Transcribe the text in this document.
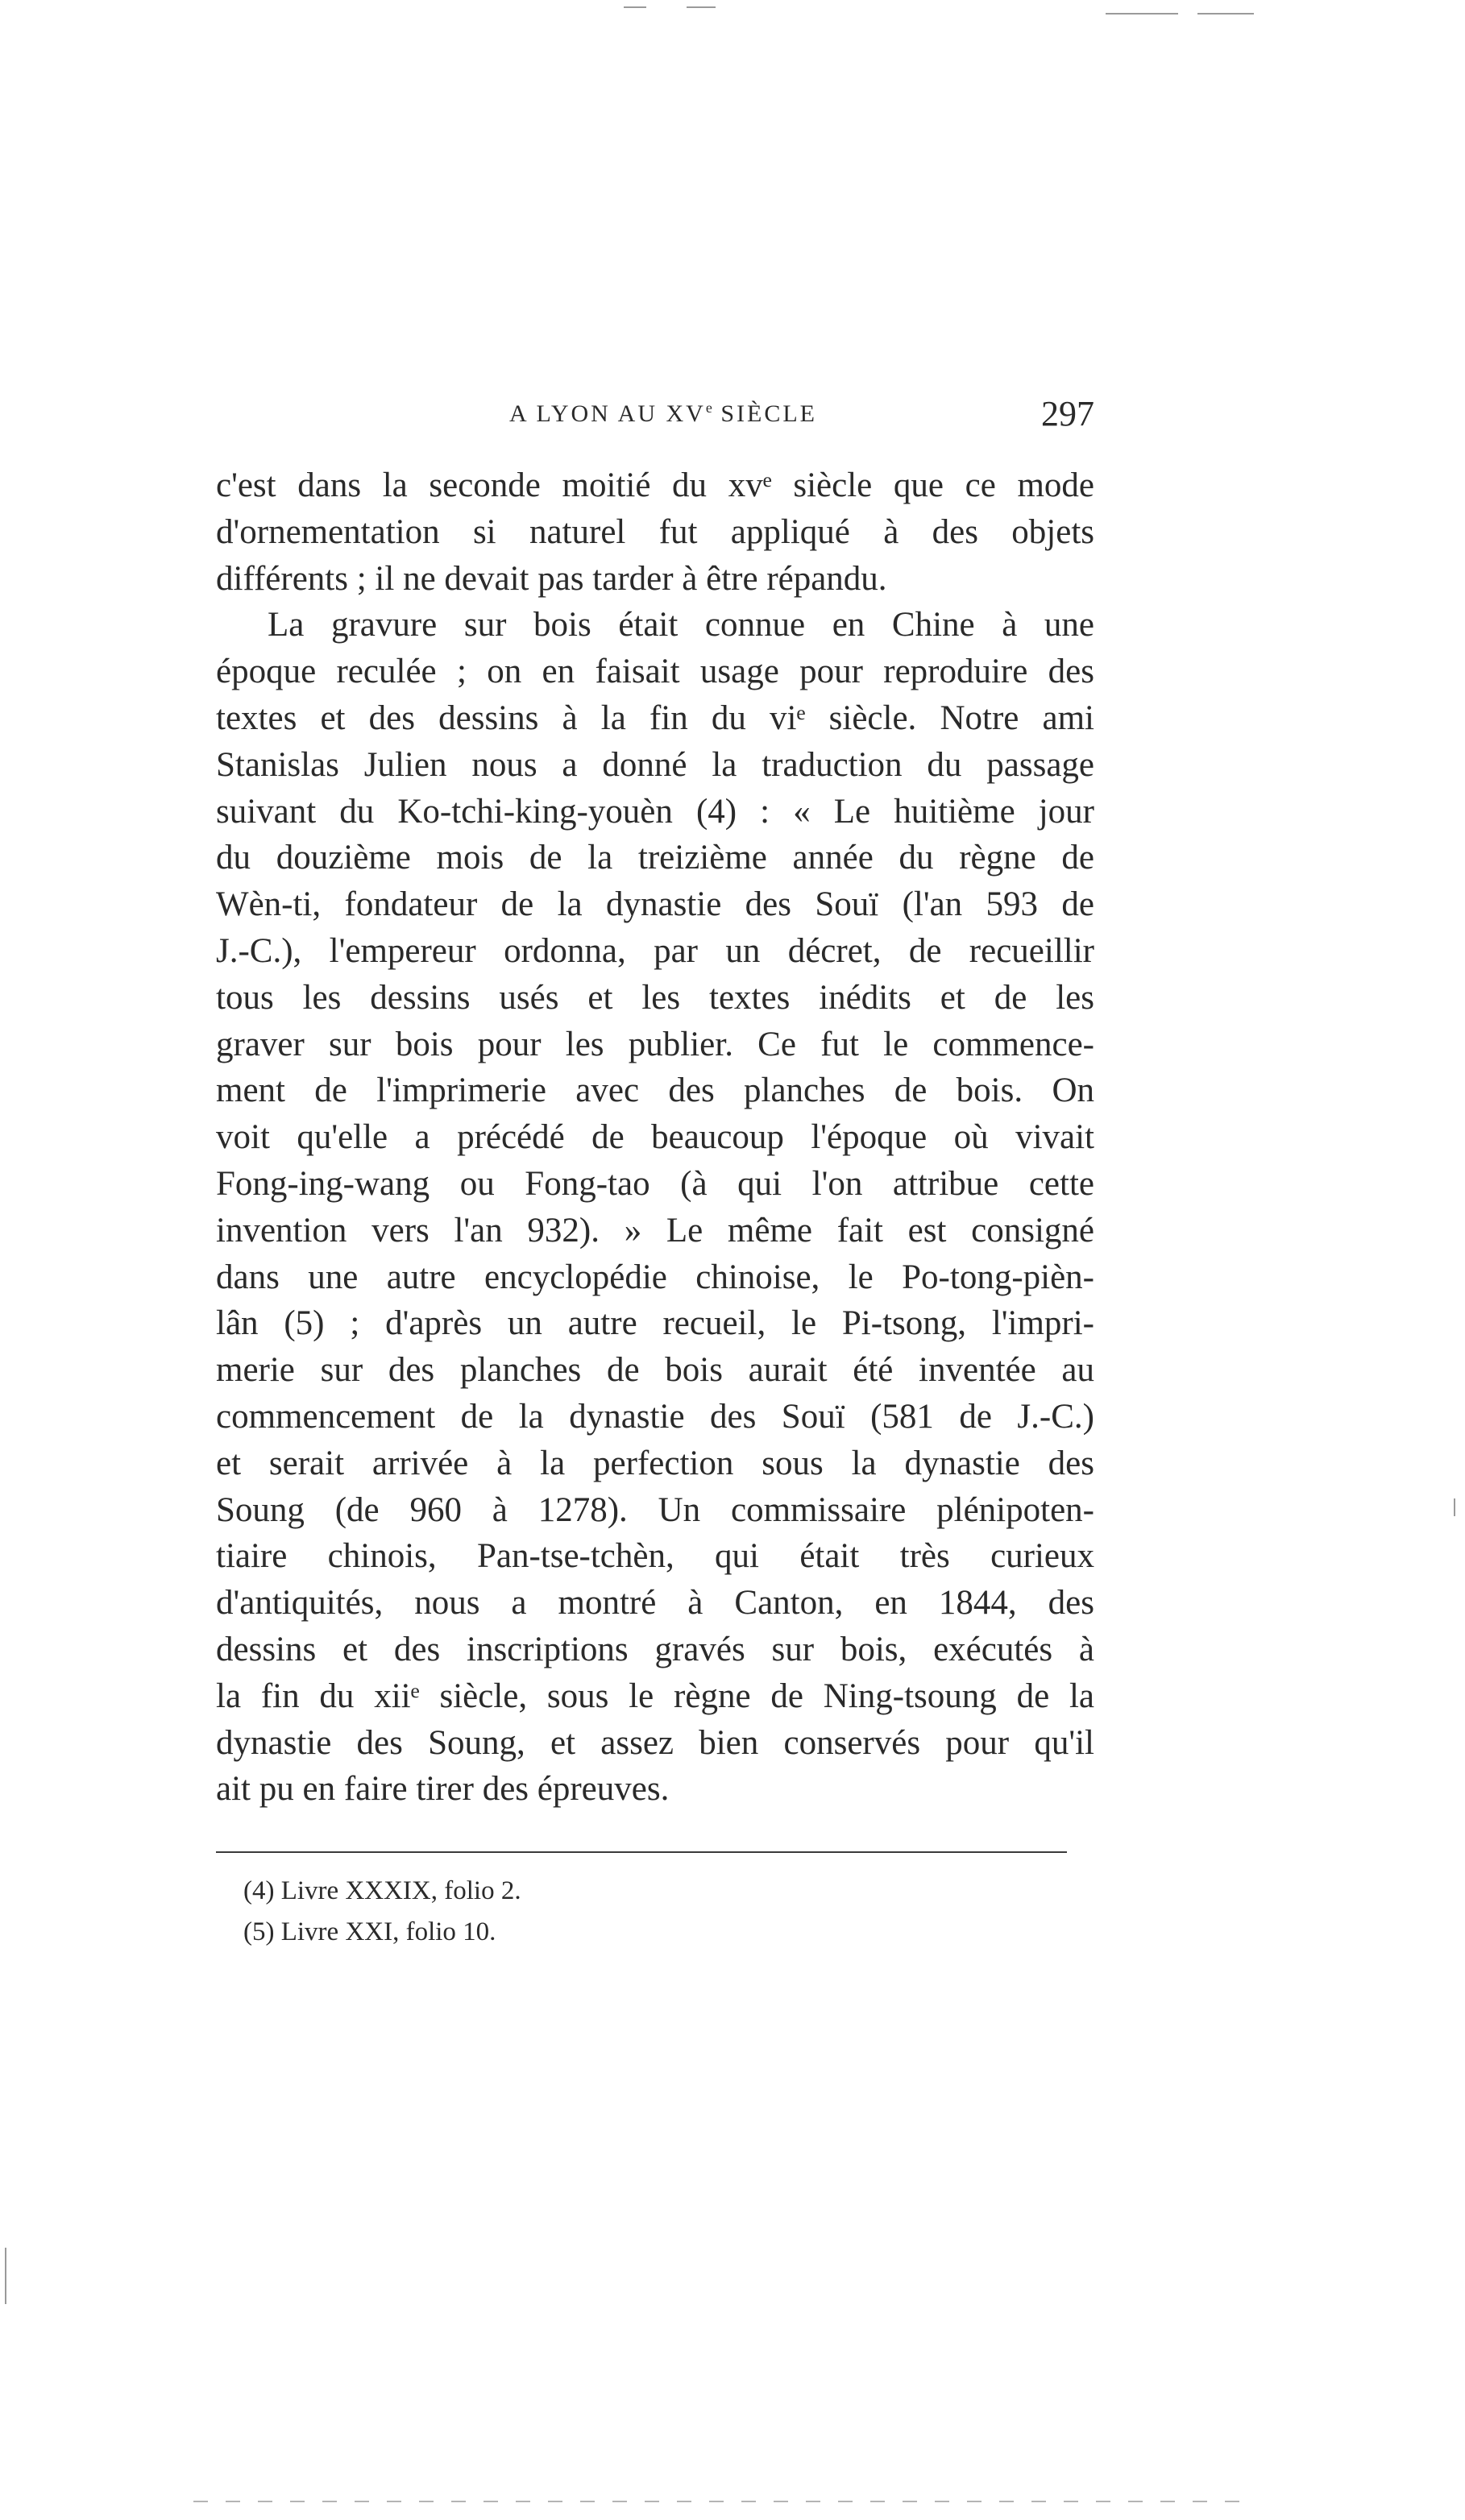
A LYON AU XVe SIÈCLE	297
c'est dans la seconde moitié du xvᵉ siècle que ce mode
d'ornementation si naturel fut appliqué à des objets
différents ; il ne devait pas tarder à être répandu.
La gravure sur bois était connue en Chine à une
époque reculée ; on en faisait usage pour reproduire des
textes et des dessins à la fin du viᵉ siècle. Notre ami
Stanislas Julien nous a donné la traduction du passage
suivant du Ko-tchi-king-youèn (4) : « Le huitième jour
du douzième mois de la treizième année du règne de
Wèn-ti, fondateur de la dynastie des Souï (l'an 593 de
J.-C.), l'empereur ordonna, par un décret, de recueillir
tous les dessins usés et les textes inédits et de les
graver sur bois pour les publier. Ce fut le commence-
ment de l'imprimerie avec des planches de bois. On
voit qu'elle a précédé de beaucoup l'époque où vivait
Fong-ing-wang ou Fong-tao (à qui l'on attribue cette
invention vers l'an 932). » Le même fait est consigné
dans une autre encyclopédie chinoise, le Po-tong-pièn-
lân (5) ; d'après un autre recueil, le Pi-tsong, l'impri-
merie sur des planches de bois aurait été inventée au
commencement de la dynastie des Souï (581 de J.-C.)
et serait arrivée à la perfection sous la dynastie des
Soung (de 960 à 1278). Un commissaire plénipoten-
tiaire chinois, Pan-tse-tchèn, qui était très curieux
d'antiquités, nous a montré à Canton, en 1844, des
dessins et des inscriptions gravés sur bois, exécutés à
la fin du xiiᵉ siècle, sous le règne de Ning-tsoung de la
dynastie des Soung, et assez bien conservés pour qu'il
ait pu en faire tirer des épreuves.
(4) Livre XXXIX, folio 2.
(5) Livre XXI, folio 10.
